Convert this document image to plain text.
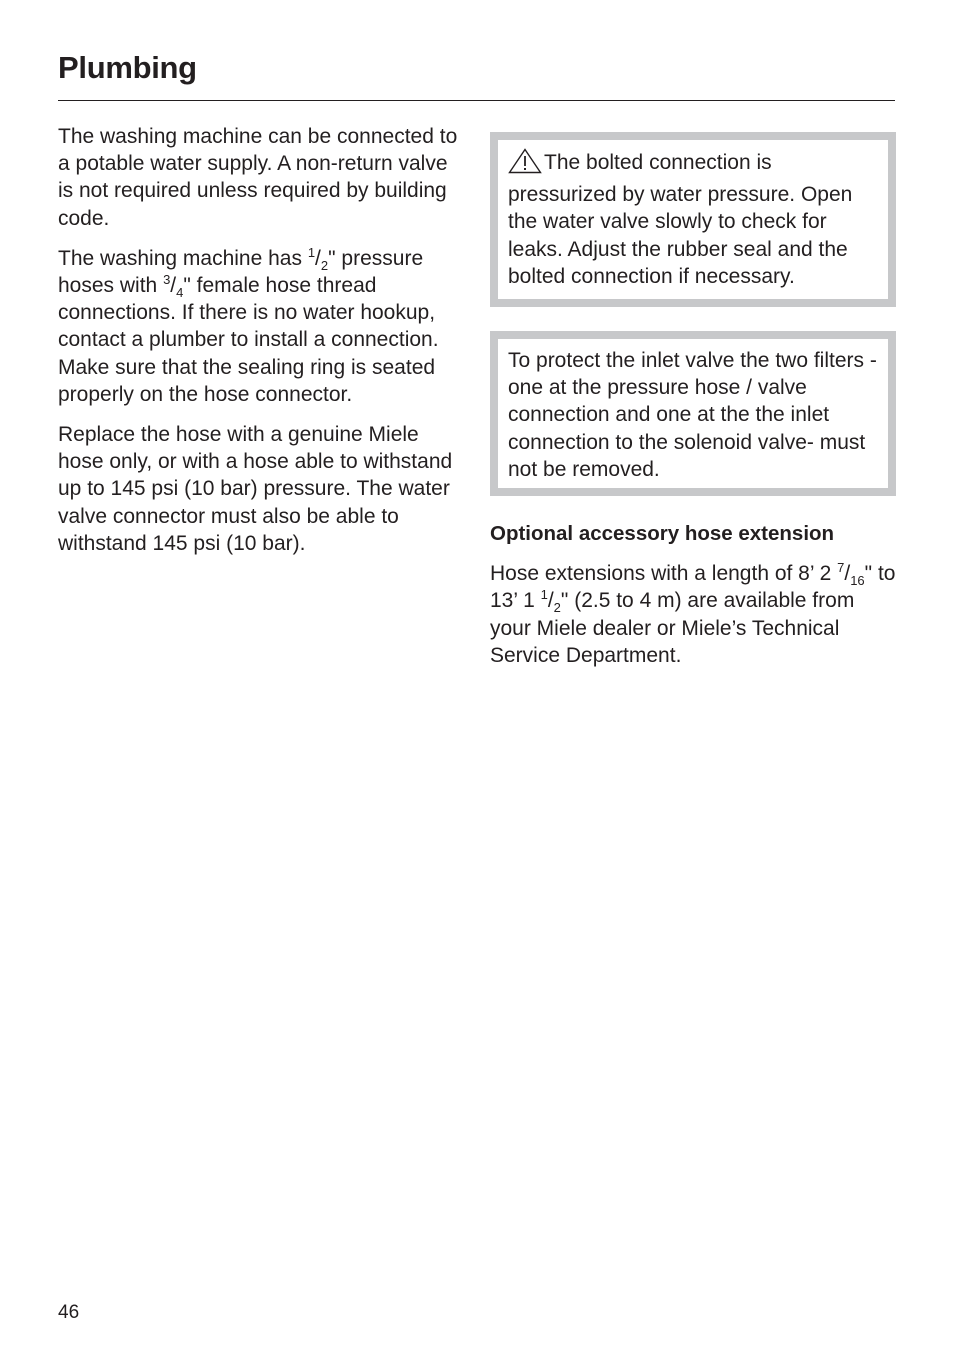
Plumbing

The washing machine can be connected to a potable water supply. A non-return valve is not required unless required by building code.

The washing machine has $^1/_2$" pressure hoses with $^3/_4$" female hose thread connections. If there is no water hookup, contact a plumber to install a connection. Make sure that the sealing ring is seated properly on the hose connector.

Replace the hose with a genuine Miele hose only, or with a hose able to withstand up to 145 psi (10 bar) pressure. The water valve connector must also be able to withstand 145 psi (10 bar).

The bolted connection is pressurized by water pressure. Open the water valve slowly to check for leaks. Adjust the rubber seal and the bolted connection if necessary.

To protect the inlet valve the two filters - one at the pressure hose / valve connection and one at the the inlet connection to the solenoid valve- must not be removed.

Optional accessory hose extension

Hose extensions with a length of 8’ 2 $^7/_{16}$" to 13’ 1 $^1/_2$" (2.5 to 4 m) are available from your Miele dealer or Miele’s Technical Service Department.

46
